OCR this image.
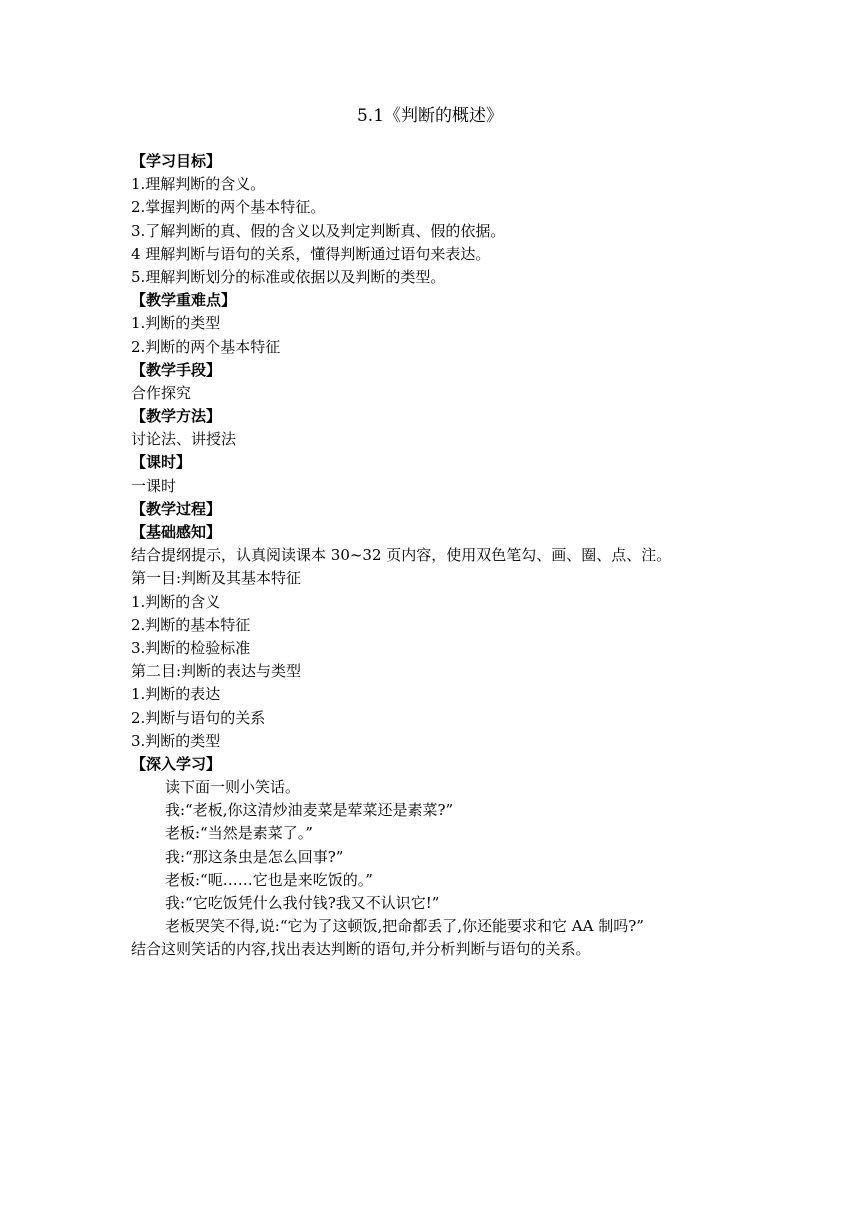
5.1《判断的概述》
【学习目标】
1.理解判断的含义。
2.掌握判断的两个基本特征。
3.了解判断的真、假的含义以及判定判断真、假的依据。
4 理解判断与语句的关系，懂得判断通过语句来表达。
5.理解判断划分的标准或依据以及判断的类型。
【教学重难点】
1.判断的类型
2.判断的两个基本特征
【教学手段】
合作探究
【教学方法】
讨论法、讲授法
【课时】
一课时
【教学过程】
【基础感知】
结合提纲提示，认真阅读课本 30~32 页内容，使用双色笔勾、画、圈、点、注。
第一目:判断及其基本特征
1.判断的含义
2.判断的基本特征
3.判断的检验标准
第二目:判断的表达与类型
1.判断的表达
2.判断与语句的关系
3.判断的类型
【深入学习】
读下面一则小笑话。
我:“老板,你这清炒油麦菜是荤菜还是素菜?”
老板:“当然是素菜了。”
我:“那这条虫是怎么回事?”
老板:“呃……它也是来吃饭的。”
我:“它吃饭凭什么我付钱?我又不认识它!”
老板哭笑不得,说:“它为了这顿饭,把命都丢了,你还能要求和它 AA 制吗?”
结合这则笑话的内容,找出表达判断的语句,并分析判断与语句的关系。
